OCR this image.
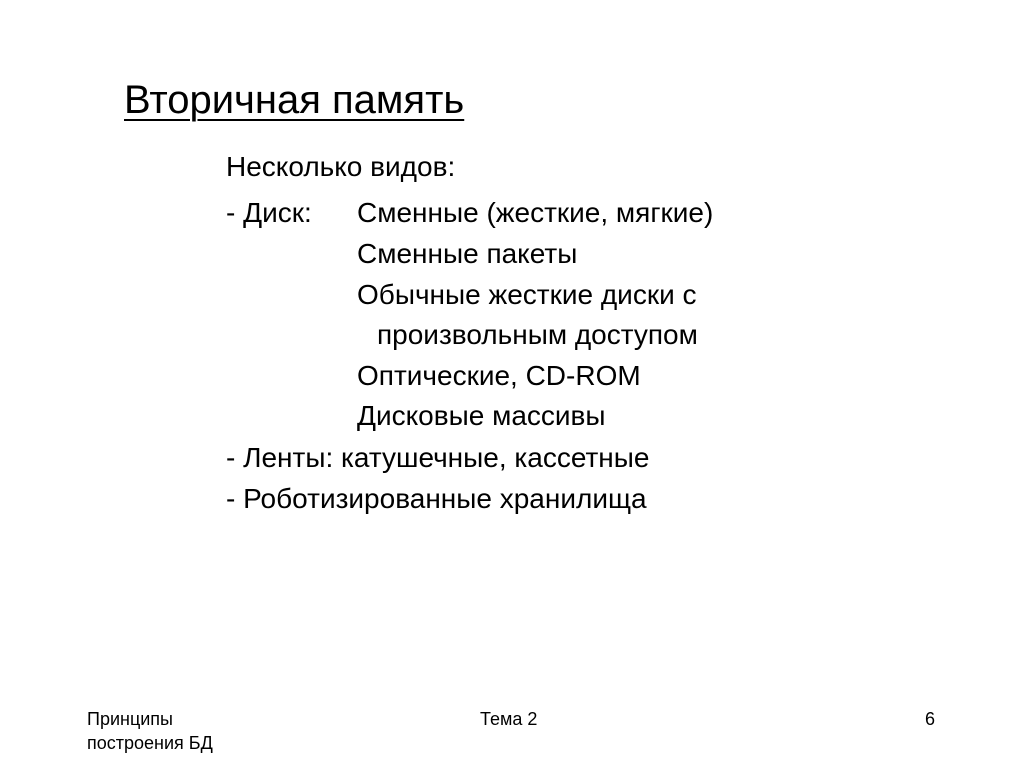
Вторичная память
Несколько видов:
- Диск: Сменные (жесткие, мягкие)
Сменные пакеты
Обычные жесткие диски с
произвольным доступом
Оптические, CD-ROM
Дисковые массивы
- Ленты: катушечные, кассетные
- Роботизированные хранилища
Принципы
построения БД
Тема 2	6
